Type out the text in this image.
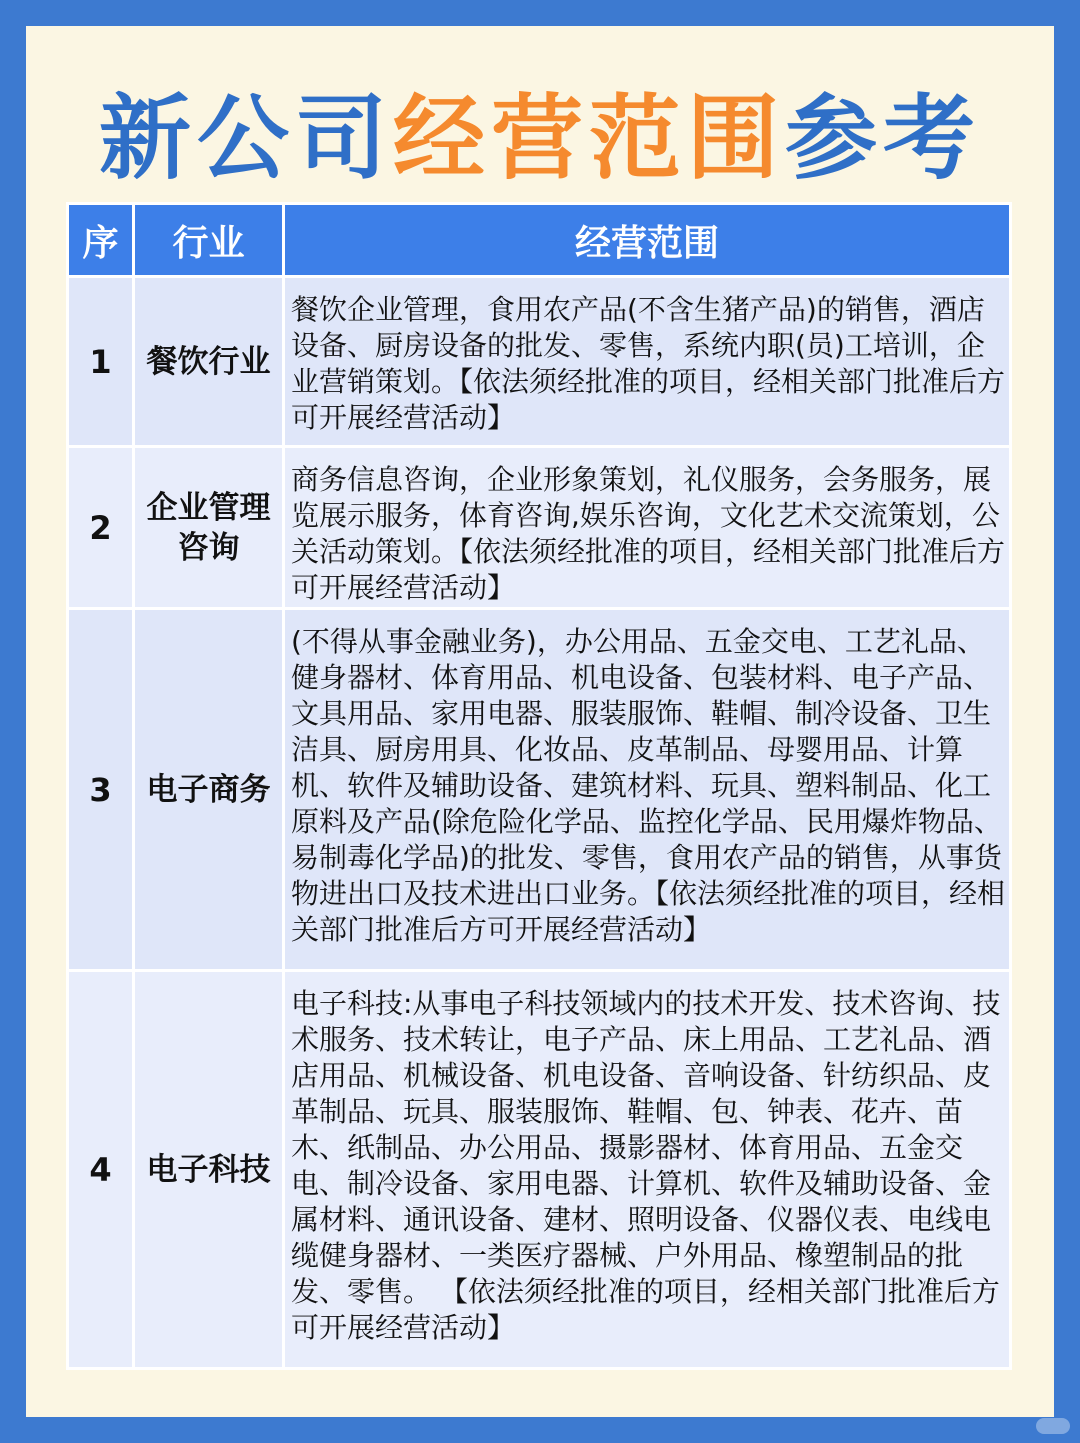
新公司经营范围参考
序	行业	经营范围
1	餐饮行业	餐饮企业管理，食用农产品(不含生猪产品)的销售，酒店设备、厨房设备的批发、零售，系统内职(员)工培训，企业营销策划。【依法须经批准的项目，经相关部门批准后方可开展经营活动】

2	企业管理咨询	商务信息咨询，企业形象策划，礼仪服务，会务服务，展览展示服务，体育咨询,娱乐咨询，文化艺术交流策划，公关活动策划。【依法须经批准的项目，经相关部门批准后方可开展经营活动】

3	电子商务	(不得从事金融业务)，办公用品、五金交电、工艺礼品、健身器材、体育用品、机电设备、包装材料、电子产品、文具用品、家用电器、服装服饰、鞋帽、制冷设备、卫生洁具、厨房用具、化妆品、皮革制品、母婴用品、计算机、软件及辅助设备、建筑材料、玩具、塑料制品、化工原料及产品(除危险化学品、监控化学品、民用爆炸物品、易制毒化学品)的批发、零售，食用农产品的销售，从事货物进出口及技术进出口业务。【依法须经批准的项目，经相关部门批准后方可开展经营活动】

4	电子科技	电子科技:从事电子科技领域内的技术开发、技术咨询、技术服务、技术转让，电子产品、床上用品、工艺礼品、酒店用品、机械设备、机电设备、音响设备、针纺织品、皮革制品、玩具、服装服饰、鞋帽、包、钟表、花卉、苗木、纸制品、办公用品、摄影器材、体育用品、五金交电、制冷设备、家用电器、计算机、软件及辅助设备、金属材料、通讯设备、建材、照明设备、仪器仪表、电线电缆健身器材、一类医疗器械、户外用品、橡塑制品的批发、零售。 【依法须经批准的项目，经相关部门批准后方可开展经营活动】
